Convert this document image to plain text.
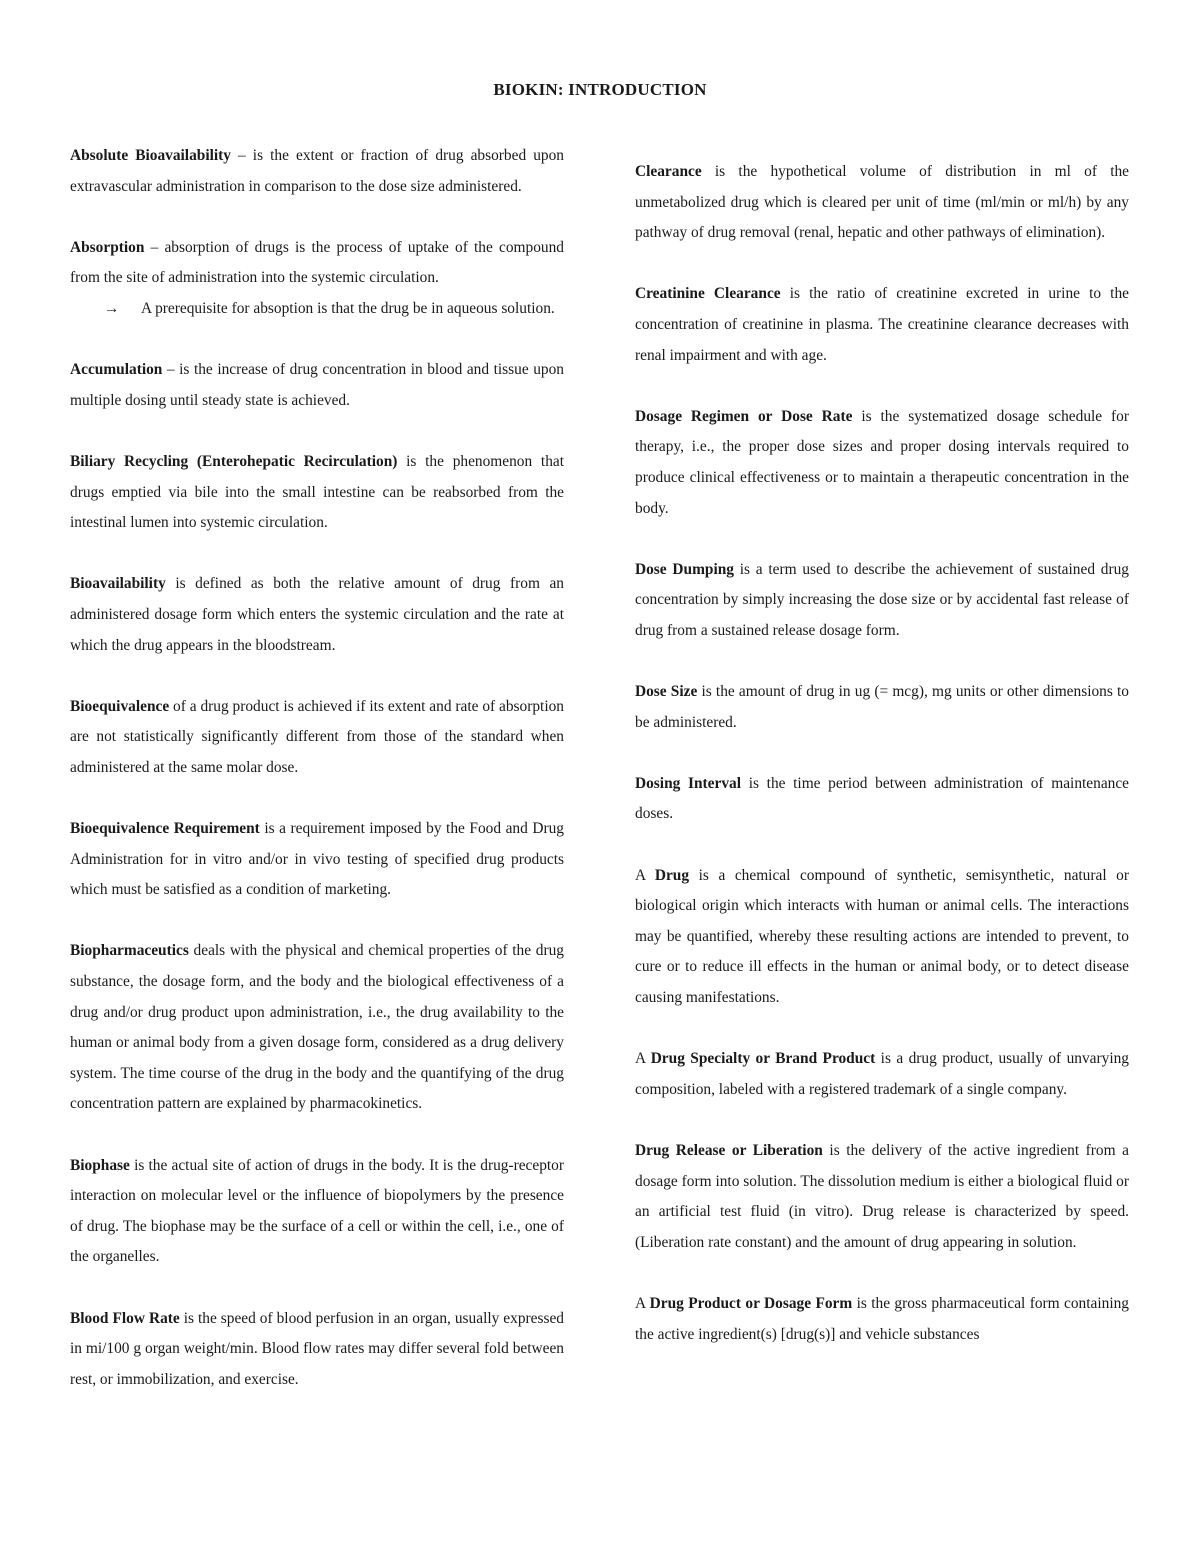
BIOKIN: INTRODUCTION

Absolute Bioavailability – is the extent or fraction of drug absorbed upon extravascular administration in comparison to the dose size administered.

Absorption – absorption of drugs is the process of uptake of the compound from the site of administration into the systemic circulation.
→	A prerequisite for absoption is that the drug be in aqueous solution.

Accumulation – is the increase of drug concentration in blood and tissue upon multiple dosing until steady state is achieved.

Biliary Recycling (Enterohepatic Recirculation) is the phenomenon that drugs emptied via bile into the small intestine can be reabsorbed from the intestinal lumen into systemic circulation.

Bioavailability is defined as both the relative amount of drug from an administered dosage form which enters the systemic circulation and the rate at which the drug appears in the bloodstream.

Bioequivalence of a drug product is achieved if its extent and rate of absorption are not statistically significantly different from those of the standard when administered at the same molar dose.

Bioequivalence Requirement is a requirement imposed by the Food and Drug Administration for in vitro and/or in vivo testing of specified drug products which must be satisfied as a condition of marketing.

Biopharmaceutics deals with the physical and chemical properties of the drug substance, the dosage form, and the body and the biological effectiveness of a drug and/or drug product upon administration, i.e., the drug availability to the human or animal body from a given dosage form, considered as a drug delivery system. The time course of the drug in the body and the quantifying of the drug concentration pattern are explained by pharmacokinetics.

Biophase is the actual site of action of drugs in the body. It is the drug-receptor interaction on molecular level or the influence of biopolymers by the presence of drug. The biophase may be the surface of a cell or within the cell, i.e., one of the organelles.

Blood Flow Rate is the speed of blood perfusion in an organ, usually expressed in mi/100 g organ weight/min. Blood flow rates may differ several fold between rest, or immobilization, and exercise.

Clearance is the hypothetical volume of distribution in ml of the unmetabolized drug which is cleared per unit of time (ml/min or ml/h) by any pathway of drug removal (renal, hepatic and other pathways of elimination).

Creatinine Clearance is the ratio of creatinine excreted in urine to the concentration of creatinine in plasma. The creatinine clearance decreases with renal impairment and with age.

Dosage Regimen or Dose Rate is the systematized dosage schedule for therapy, i.e., the proper dose sizes and proper dosing intervals required to produce clinical effectiveness or to maintain a therapeutic concentration in the body.

Dose Dumping is a term used to describe the achievement of sustained drug concentration by simply increasing the dose size or by accidental fast release of drug from a sustained release dosage form.

Dose Size is the amount of drug in ug (= mcg), mg units or other dimensions to be administered.

Dosing Interval is the time period between administration of maintenance doses.

A Drug is a chemical compound of synthetic, semisynthetic, natural or biological origin which interacts with human or animal cells. The interactions may be quantified, whereby these resulting actions are intended to prevent, to cure or to reduce ill effects in the human or animal body, or to detect disease causing manifestations.

A Drug Specialty or Brand Product is a drug product, usually of unvarying composition, labeled with a registered trademark of a single company.

Drug Release or Liberation is the delivery of the active ingredient from a dosage form into solution. The dissolution medium is either a biological fluid or an artificial test fluid (in vitro). Drug release is characterized by speed. (Liberation rate constant) and the amount of drug appearing in solution.

A Drug Product or Dosage Form is the gross pharmaceutical form containing the active ingredient(s) [drug(s)] and vehicle substances
